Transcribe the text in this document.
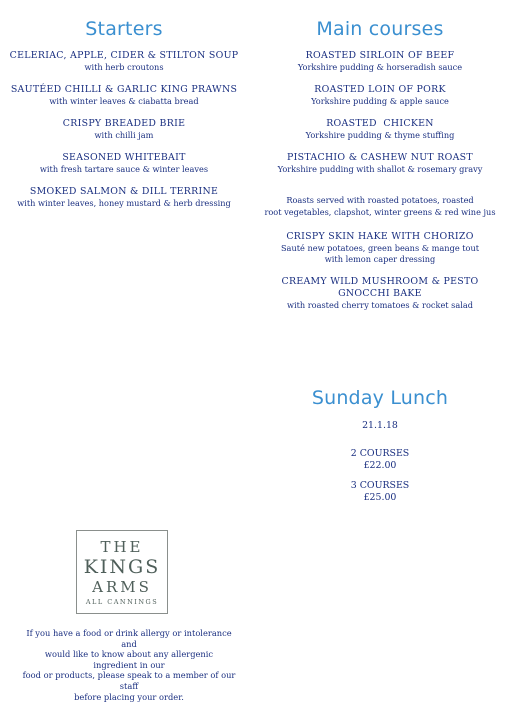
Starters
CELERIAC, APPLE, CIDER & STILTON SOUP
with herb croutons
SAUTÉED CHILLI & GARLIC KING PRAWNS
with winter leaves & ciabatta bread
CRISPY BREADED BRIE
with chilli jam
SEASONED WHITEBAIT
with fresh tartare sauce & winter leaves
SMOKED SALMON & DILL TERRINE
with winter leaves, honey mustard & herb dressing
Main courses
ROASTED SIRLOIN OF BEEF
Yorkshire pudding & horseradish sauce
ROASTED LOIN OF PORK
Yorkshire pudding & apple sauce
ROASTED  CHICKEN
Yorkshire pudding & thyme stuffing
PISTACHIO & CASHEW NUT ROAST
Yorkshire pudding with shallot & rosemary gravy
Roasts served with roasted potatoes, roasted
root vegetables, clapshot, winter greens & red wine jus
CRISPY SKIN HAKE WITH CHORIZO
Sauté new potatoes, green beans & mange tout
with lemon caper dressing
CREAMY WILD MUSHROOM & PESTO
GNOCCHI BAKE
with roasted cherry tomatoes & rocket salad
Sunday Lunch
21.1.18
2 COURSES
£22.00
3 COURSES
£25.00
THE
KINGS
ARMS
ALL CANNINGS
If you have a food or drink allergy or intolerance and
would like to know about any allergenic ingredient in our
food or products, please speak to a member of our staff
before placing your order.
